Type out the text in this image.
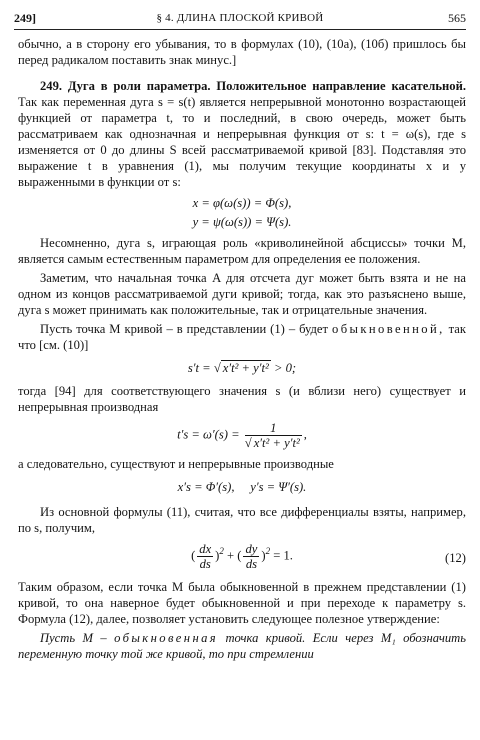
249]	§ 4. ДЛИНА ПЛОСКОЙ КРИВОЙ	565

обычно, а в сторону его убывания, то в формулах (10), (10а), (10б) пришлось бы перед радикалом поставить знак минус.]

249. Дуга в роли параметра. Положительное направление касательной. Так как переменная дуга s = s(t) является непрерывной монотонно возрастающей функцией от параметра t, то и последний, в свою очередь, может быть рассматриваем как однозначная и непрерывная функция от s: t = ω(s), где s изменяется от 0 до длины S всей рассматриваемой кривой [83]. Подставляя это выражение t в уравнения (1), мы получим текущие координаты x и y выраженными в функции от s:

x = φ(ω(s)) = Φ(s),
y = ψ(ω(s)) = Ψ(s).

Несомненно, дуга s, играющая роль «криволинейной абсциссы» точки M, является самым естественным параметром для определения ее положения.

Заметим, что начальная точка A для отсчета дуг может быть взята и не на одном из концов рассматриваемой дуги кривой; тогда, как это разъяснено выше, дуга s может принимать как положительные, так и отрицательные значения.

Пусть точка M кривой – в представлении (1) – будет обыкновенной, так что [см. (10)]

s′t = √ x′t² + y′t² > 0;

тогда [94] для соответствующего значения s (и вблизи него) существует и непрерывная производная

$t's = \omega'(s) = \frac{1}{\text{√ x′t² + y′t²}}$ ,

а следовательно, существуют и непрерывные производные

x′s = Φ′(s),     y′s = Ψ′(s).

Из основной формулы (11), считая, что все дифференциалы взяты, например, по s, получим,

( $\frac{dx}{ds} )^2$ + ( $\frac{dy}{ds} )^2 = 1$.	(12)

Таким образом, если точка M была обыкновенной в прежнем представлении (1) кривой, то она наверное будет обыкновенной и при переходе к параметру s. Формула (12), далее, позволяет установить следующее полезное утверждение:

Пусть M – обыкновенная точка кривой. Если через M₁ обозначить переменную точку той же кривой, то при стремлении
